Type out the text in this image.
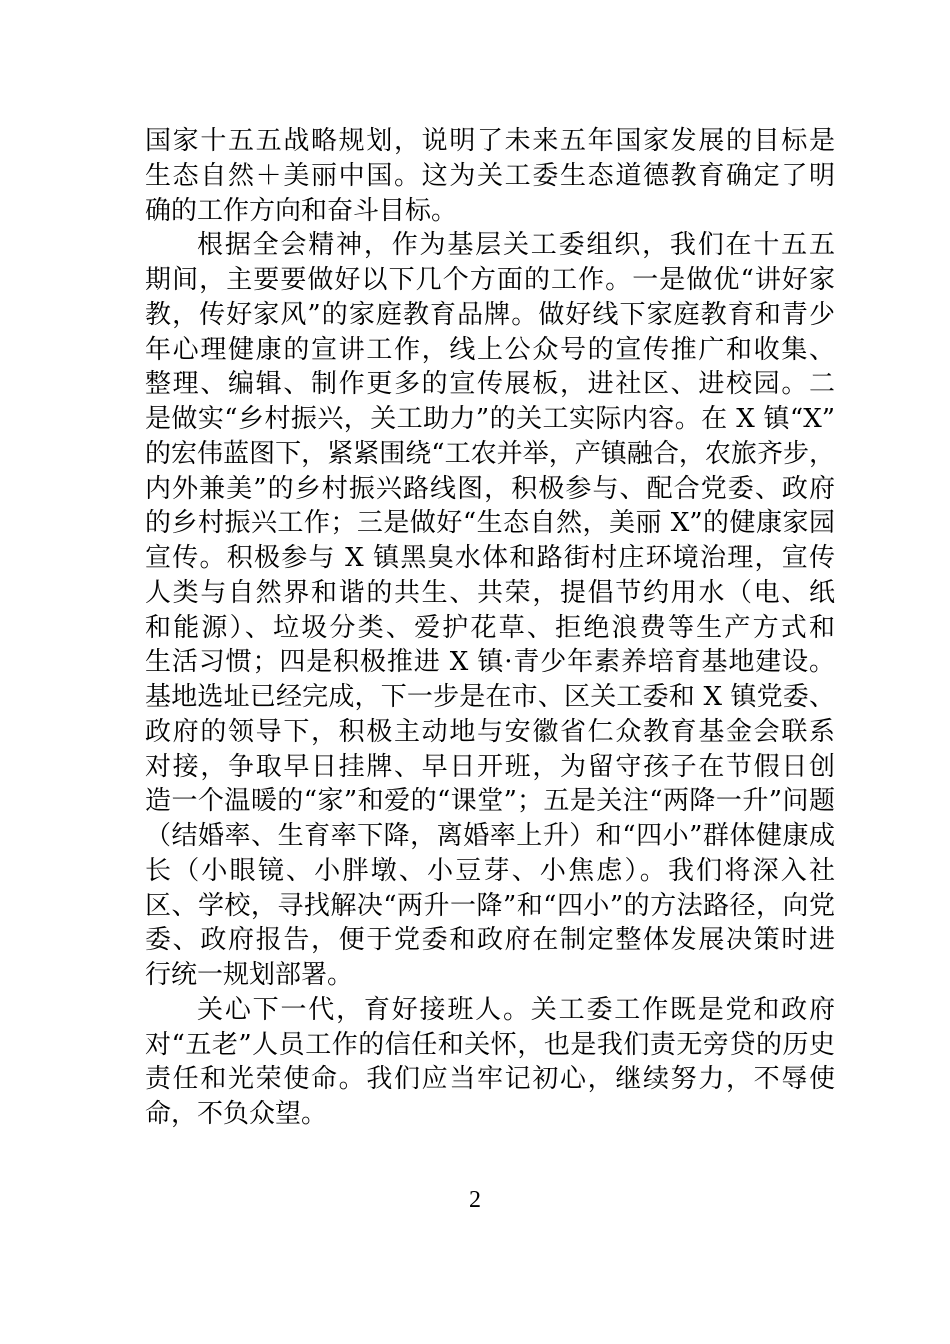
国家十五五战略规划，说明了未来五年国家发展的目标是
生态自然＋美丽中国。这为关工委生态道德教育确定了明
确的工作方向和奋斗目标。
根据全会精神，作为基层关工委组织，我们在十五五
期间，主要要做好以下几个方面的工作。一是做优“讲好家
教，传好家风”的家庭教育品牌。做好线下家庭教育和青少
年心理健康的宣讲工作，线上公众号的宣传推广和收集、
整理、编辑、制作更多的宣传展板，进社区、进校园。二
是做实“乡村振兴，关工助力”的关工实际内容。在 X 镇“X”
的宏伟蓝图下，紧紧围绕“工农并举，产镇融合，农旅齐步，
内外兼美”的乡村振兴路线图，积极参与、配合党委、政府
的乡村振兴工作；三是做好“生态自然，美丽 X”的健康家园
宣传。积极参与 X 镇黑臭水体和路街村庄环境治理，宣传
人类与自然界和谐的共生、共荣，提倡节约用水（电、纸
和能源）、垃圾分类、爱护花草、拒绝浪费等生产方式和
生活习惯；四是积极推进 X 镇·青少年素养培育基地建设。
基地选址已经完成，下一步是在市、区关工委和 X 镇党委、
政府的领导下，积极主动地与安徽省仁众教育基金会联系
对接，争取早日挂牌、早日开班，为留守孩子在节假日创
造一个温暖的“家”和爱的“课堂”；五是关注“两降一升”问题
（结婚率、生育率下降，离婚率上升）和“四小”群体健康成
长（小眼镜、小胖墩、小豆芽、小焦虑）。我们将深入社
区、学校，寻找解决“两升一降”和“四小”的方法路径，向党
委、政府报告，便于党委和政府在制定整体发展决策时进
行统一规划部署。
关心下一代，育好接班人。关工委工作既是党和政府
对“五老”人员工作的信任和关怀，也是我们责无旁贷的历史
责任和光荣使命。我们应当牢记初心，继续努力，不辱使
命，不负众望。
2
